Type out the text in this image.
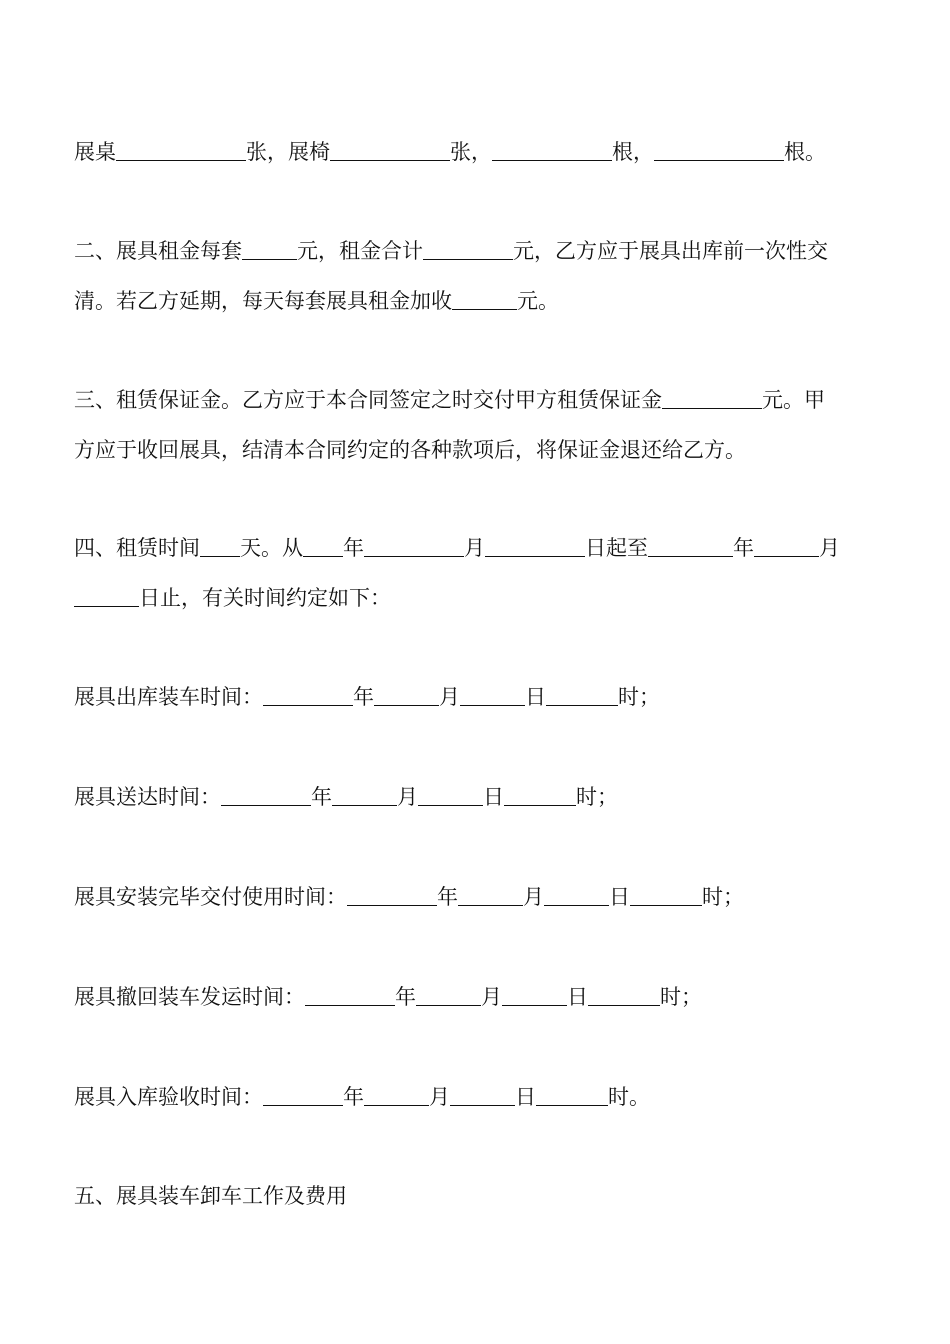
展桌	张，展椅	张，	根，	根。
二、展具租金每套	元，租金合计	元，乙方应于展具出库前一次性交
清。若乙方延期，每天每套展具租金加收	元。
三、租赁保证金。乙方应于本合同签定之时交付甲方租赁保证金	元。甲
方应于收回展具，结清本合同约定的各种款项后，将保证金退还给乙方。
四、租赁时间 天。从 年	月	日起至	年	月
日止，有关时间约定如下：
展具出库装车时间：	年	月	日	时；
展具送达时间：	年	月	日	时；
展具安装完毕交付使用时间：	年	月	日	时；
展具撤回装车发运时间：	年	月	日	时；
展具入库验收时间：	年	月	日	时。
五、展具装车卸车工作及费用
